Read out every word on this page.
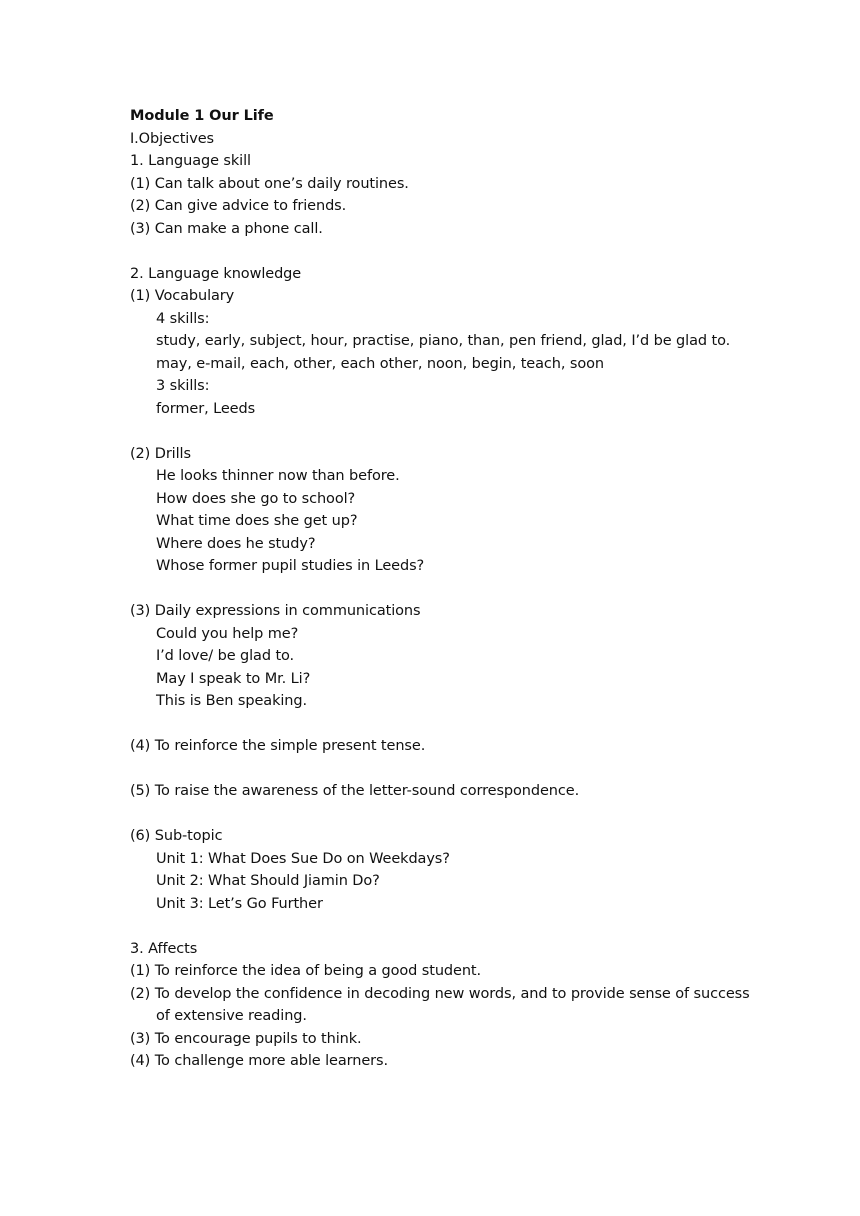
Module 1 Our Life
Ⅰ.Objectives
1. Language skill
(1) Can talk about one’s daily routines.
(2) Can give advice to friends.
(3) Can make a phone call.
2. Language knowledge
(1) Vocabulary
4 skills:
study, early, subject, hour, practise, piano, than, pen friend, glad, I’d be glad to.
may, e-mail, each, other, each other, noon, begin, teach, soon
3 skills:
former, Leeds
(2) Drills
He looks thinner now than before.
How does she go to school?
What time does she get up?
Where does he study?
Whose former pupil studies in Leeds?
(3) Daily expressions in communications
Could you help me?
I’d love/ be glad to.
May I speak to Mr. Li?
This is Ben speaking.
(4) To reinforce the simple present tense.
(5) To raise the awareness of the letter-sound correspondence.
(6) Sub-topic
Unit 1: What Does Sue Do on Weekdays?
Unit 2: What Should Jiamin Do?
Unit 3: Let’s Go Further
3. Affects
(1) To reinforce the idea of being a good student.
(2) To develop the confidence in decoding new words, and to provide sense of success
of extensive reading.
(3) To encourage pupils to think.
(4) To challenge more able learners.
